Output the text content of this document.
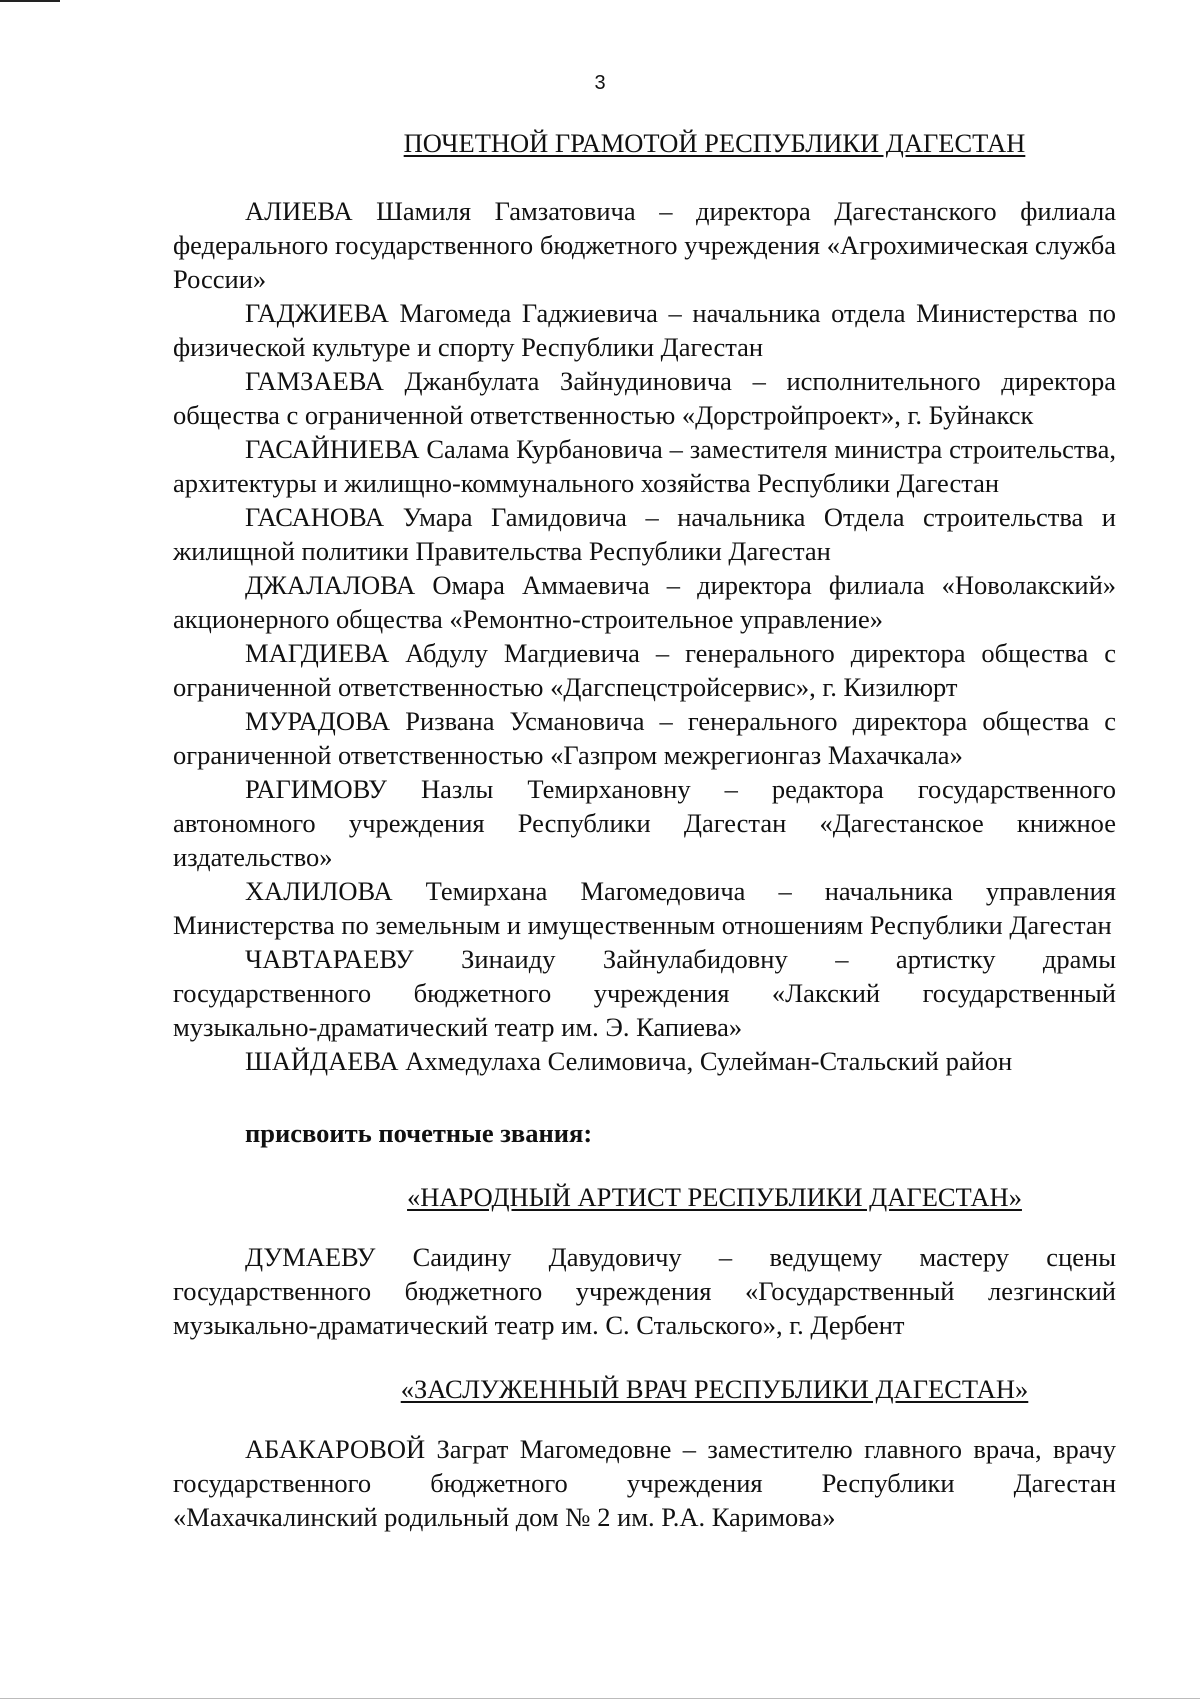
3
ПОЧЕТНОЙ ГРАМОТОЙ РЕСПУБЛИКИ ДАГЕСТАН

АЛИЕВА Шамиля Гамзатовича – директора Дагестанского филиала федерального государственного бюджетного учреждения «Агрохимическая служба России»

ГАДЖИЕВА Магомеда Гаджиевича – начальника отдела Министерства по физической культуре и спорту Республики Дагестан

ГАМЗАЕВА Джанбулата Зайнудиновича – исполнительного директора общества с ограниченной ответственностью «Дорстройпроект», г. Буйнакск

ГАСАЙНИЕВА Салама Курбановича – заместителя министра строительства, архитектуры и жилищно-коммунального хозяйства Республики Дагестан

ГАСАНОВА Умара Гамидовича – начальника Отдела строительства и жилищной политики Правительства Республики Дагестан

ДЖАЛАЛОВА Омара Аммаевича – директора филиала «Новолакский» акционерного общества «Ремонтно-строительное управление»

МАГДИЕВА Абдулу Магдиевича – генерального директора общества с ограниченной ответственностью «Дагспецстройсервис», г. Кизилюрт

МУРАДОВА Ризвана Усмановича – генерального директора общества с ограниченной ответственностью «Газпром межрегионгаз Махачкала»

РАГИМОВУ Назлы Темирхановну – редактора государственного автономного учреждения Республики Дагестан «Дагестанское книжное издательство»

ХАЛИЛОВА Темирхана Магомедовича – начальника управления Министерства по земельным и имущественным отношениям Республики Дагестан

ЧАВТАРАЕВУ Зинаиду Зайнулабидовну – артистку драмы государственного бюджетного учреждения «Лакский государственный музыкально-драматический театр им. Э. Капиева»

ШАЙДАЕВА Ахмедулаха Селимовича, Сулейман-Стальский район

присвоить почетные звания:
«НАРОДНЫЙ АРТИСТ РЕСПУБЛИКИ ДАГЕСТАН»

ДУМАЕВУ Саидину Давудовичу – ведущему мастеру сцены государственного бюджетного учреждения «Государственный лезгинский музыкально-драматический театр им. С. Стальского», г. Дербент

«ЗАСЛУЖЕННЫЙ ВРАЧ РЕСПУБЛИКИ ДАГЕСТАН»

АБАКАРОВОЙ Заграт Магомедовне – заместителю главного врача, врачу государственного бюджетного учреждения Республики Дагестан «Махачкалинский родильный дом № 2 им. Р.А. Каримова»
